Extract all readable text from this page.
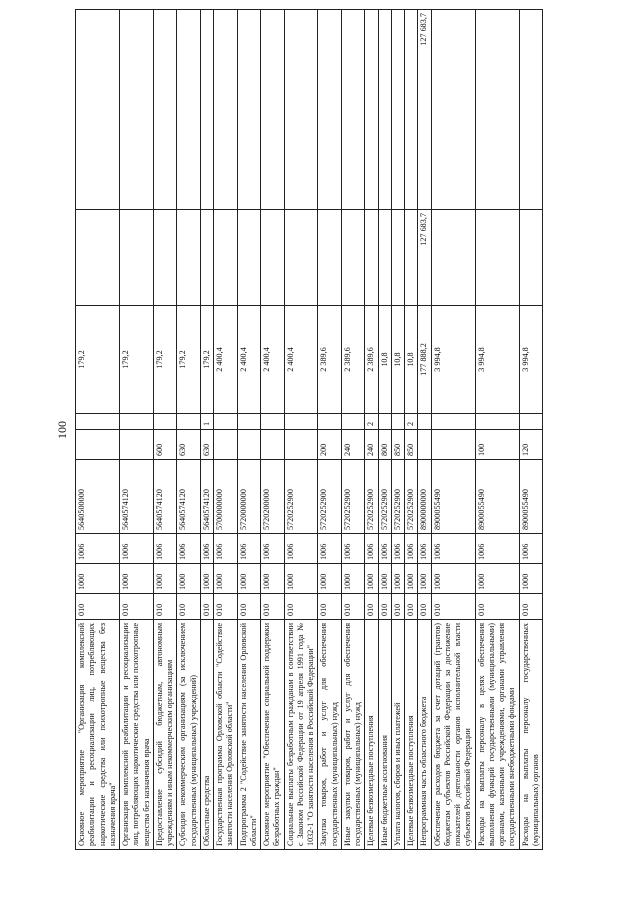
100
Основное мероприятие "Организация комплексной реабилитации и ресоциализации лиц, потребляющих наркотические средства или психотропные вещества без назначения врача"	010	1000	1006	5640500000			179,2		
Организация комплексной реабилитации и ресоциализации лиц, потребляющих наркотические средства или психотропные вещества без назначения врача	010	1000	1006	5640574120			179,2		
Предоставление субсидий бюджетным, автономным учреждениям и иным некоммерческим организациям	010	1000	1006	5640574120	600		179,2		
Субсидии некоммерческим организациям (за исключением государственных (муниципальных) учреждений)	010	1000	1006	5640574120	630		179,2		
Областные средства	010	1000	1006	5640574120	630	1	179,2		
Государственная программа Орловской области "Содействие занятости населения Орловской области"	010	1000	1006	5700000000			2 400,4		
Подпрограмма 2 "Содействие занятости населения Орловской области"	010	1000	1006	5720000000			2 400,4		
Основное мероприятие "Обеспечение социальной поддержки безработных граждан"	010	1000	1006	5720200000			2 400,4		
Социальные выплаты безработным гражданам в соответствии с Законом Российской Федерации от 19 апреля 1991 года № 1032-1 "О занятости населения в Российской Федерации"	010	1000	1006	5720252900			2 400,4		
Закупка товаров, работ и услуг для обеспечения государственных (муниципальных) нужд	010	1000	1006	5720252900	200		2 389,6		
Иные закупки товаров, работ и услуг для обеспечения государственных (муниципальных) нужд	010	1000	1006	5720252900	240		2 389,6		
Целевые безвозмездные поступления	010	1000	1006	5720252900	240	2	2 389,6		
Иные бюджетные ассигнования	010	1000	1006	5720252900	800		10,8		
Уплата налогов, сборов и иных платежей	010	1000	1006	5720252900	850		10,8		
Целевые безвозмездные поступления	010	1000	1006	5720252900	850	2	10,8		
Непрограммная часть областного бюджета	010	1000	1006	8900000000			177 888,2	127 683,7	127 683,7
Обеспечение расходов бюджета за счет дотаций (грантов) бюджетам субъектов Российской Федерации за достижение показателей деятельности органов исполнительной власти субъектов Российской Федерации	010	1000	1006	8900055490			3 994,8		
Расходы на выплаты персоналу в целях обеспечения выполнения функций государственными (муниципальными) органами, казенными учреждениями, органами управления государственными внебюджетными фондами	010	1000	1006	8900055490	100		3 994,8		
Расходы на выплаты персоналу государственных (муниципальных) органов	010	1000	1006	8900055490	120		3 994,8		
